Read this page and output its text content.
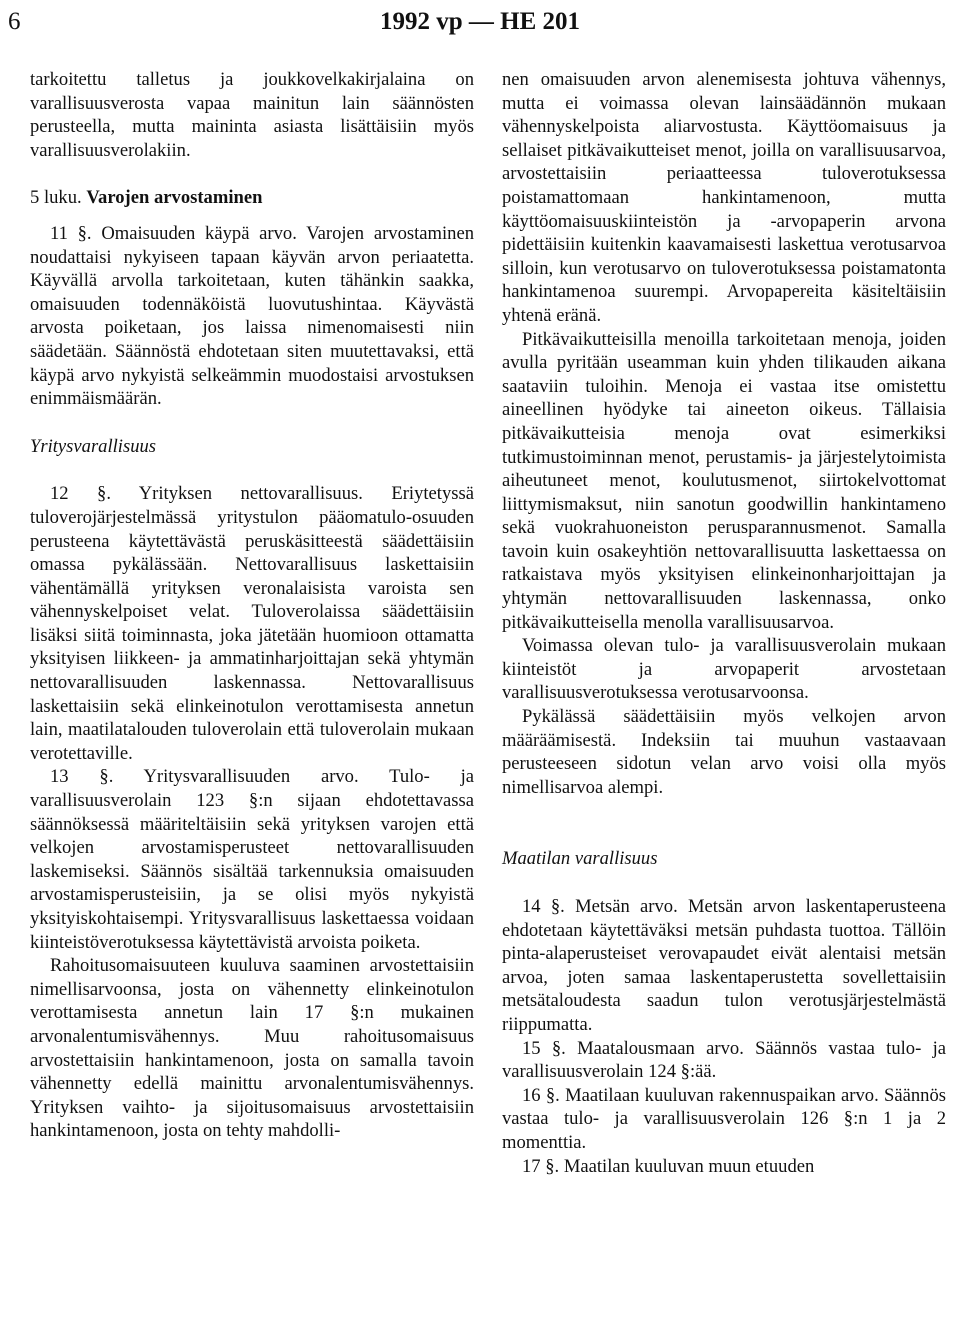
6	1992 vp — HE 201

tarkoitettu talletus ja joukkovelkakirjalaina on varallisuusverosta vapaa mainitun lain säännösten perusteella, mutta maininta asiasta lisättäisiin myös varallisuusverolakiin.

5 luku. Varojen arvostaminen

11 §. Omaisuuden käypä arvo. Varojen arvostaminen noudattaisi nykyiseen tapaan käyvän arvon periaatetta. Käyvällä arvolla tarkoitetaan, kuten tähänkin saakka, omaisuuden todennäköistä luovutushintaa. Käyvästä arvosta poiketaan, jos laissa nimenomaisesti niin säädetään. Säännöstä ehdotetaan siten muutettavaksi, että käypä arvo nykyistä selkeämmin muodostaisi arvostuksen enimmäismäärän.

Yritysvarallisuus

12 §. Yrityksen nettovarallisuus. Eriytetyssä tuloverojärjestelmässä yritystulon pääomatulo-osuuden perusteena käytettävästä peruskäsitteestä säädettäisiin omassa pykälässään. Nettovarallisuus laskettaisiin vähentämällä yrityksen veronalaisista varoista sen vähennyskelpoiset velat. Tuloverolaissa säädettäisiin lisäksi siitä toiminnasta, joka jätetään huomioon ottamatta yksityisen liikkeen- ja ammatinharjoittajan sekä yhtymän nettovarallisuuden laskennassa. Nettovarallisuus laskettaisiin sekä elinkeinotulon verottamisesta annetun lain, maatilatalouden tuloverolain että tuloverolain mukaan verotettaville.

13 §. Yritysvarallisuuden arvo. Tulo- ja varallisuusverolain 123 §:n sijaan ehdotettavassa säännöksessä määriteltäisiin sekä yrityksen varojen että velkojen arvostamisperusteet nettovarallisuuden laskemiseksi. Säännös sisältää tarkennuksia omaisuuden arvostamisperusteisiin, ja se olisi myös nykyistä yksityiskohtaisempi. Yritysvarallisuus laskettaessa voidaan kiinteistöverotuksessa käytettävistä arvoista poiketa.

Rahoitusomaisuuteen kuuluva saaminen arvostettaisiin nimellisarvoonsa, josta on vähennetty elinkeinotulon verottamisesta annetun lain 17 §:n mukainen arvonalentumisvähennys. Muu rahoitusomaisuus arvostettaisiin hankintamenoon, josta on samalla tavoin vähennetty edellä mainittu arvonalentumisvähennys. Yrityksen vaihto- ja sijoitusomaisuus arvostettaisiin hankintamenoon, josta on tehty mahdolli-

nen omaisuuden arvon alenemisesta johtuva vähennys, mutta ei voimassa olevan lainsäädännön mukaan vähennyskelpoista aliarvostusta. Käyttöomaisuus ja sellaiset pitkävaikutteiset menot, joilla on varallisuusarvoa, arvostettaisiin periaatteessa tuloverotuksessa poistamattomaan hankintamenoon, mutta käyttöomaisuuskiinteistön ja -arvopaperin arvona pidettäisiin kuitenkin kaavamaisesti laskettua verotusarvoa silloin, kun verotusarvo on tuloverotuksessa poistamatonta hankintamenoa suurempi. Arvopapereita käsiteltäisiin yhtenä eränä.

Pitkävaikutteisilla menoilla tarkoitetaan menoja, joiden avulla pyritään useamman kuin yhden tilikauden aikana saataviin tuloihin. Menoja ei vastaa itse omistettu aineellinen hyödyke tai aineeton oikeus. Tällaisia pitkävaikutteisia menoja ovat esimerkiksi tutkimustoiminnan menot, perustamis- ja järjestelytoimista aiheutuneet menot, koulutusmenot, siirtokelvottomat liittymismaksut, niin sanotun goodwillin hankintameno sekä vuokrahuoneiston perusparannusmenot. Samalla tavoin kuin osakeyhtiön nettovarallisuutta laskettaessa on ratkaistava myös yksityisen elinkeinonharjoittajan ja yhtymän nettovarallisuuden laskennassa, onko pitkävaikutteisella menolla varallisuusarvoa.

Voimassa olevan tulo- ja varallisuusverolain mukaan kiinteistöt ja arvopaperit arvostetaan varallisuusverotuksessa verotusarvoonsa.

Pykälässä säädettäisiin myös velkojen arvon määräämisestä. Indeksiin tai muuhun vastaavaan perusteeseen sidotun velan arvo voisi olla myös nimellisarvoa alempi.

Maatilan varallisuus

14 §. Metsän arvo. Metsän arvon laskentaperusteena ehdotetaan käytettäväksi metsän puhdasta tuottoa. Tällöin pinta-alaperusteiset verovapaudet eivät alentaisi metsän arvoa, joten samaa laskentaperustetta sovellettaisiin metsätaloudesta saadun tulon verotusjärjestelmästä riippumatta.

15 §. Maatalousmaan arvo. Säännös vastaa tulo- ja varallisuusverolain 124 §:ää.

16 §. Maatilaan kuuluvan rakennuspaikan arvo. Säännös vastaa tulo- ja varallisuusverolain 126 §:n 1 ja 2 momenttia.

17 §. Maatilan kuuluvan muun etuuden
